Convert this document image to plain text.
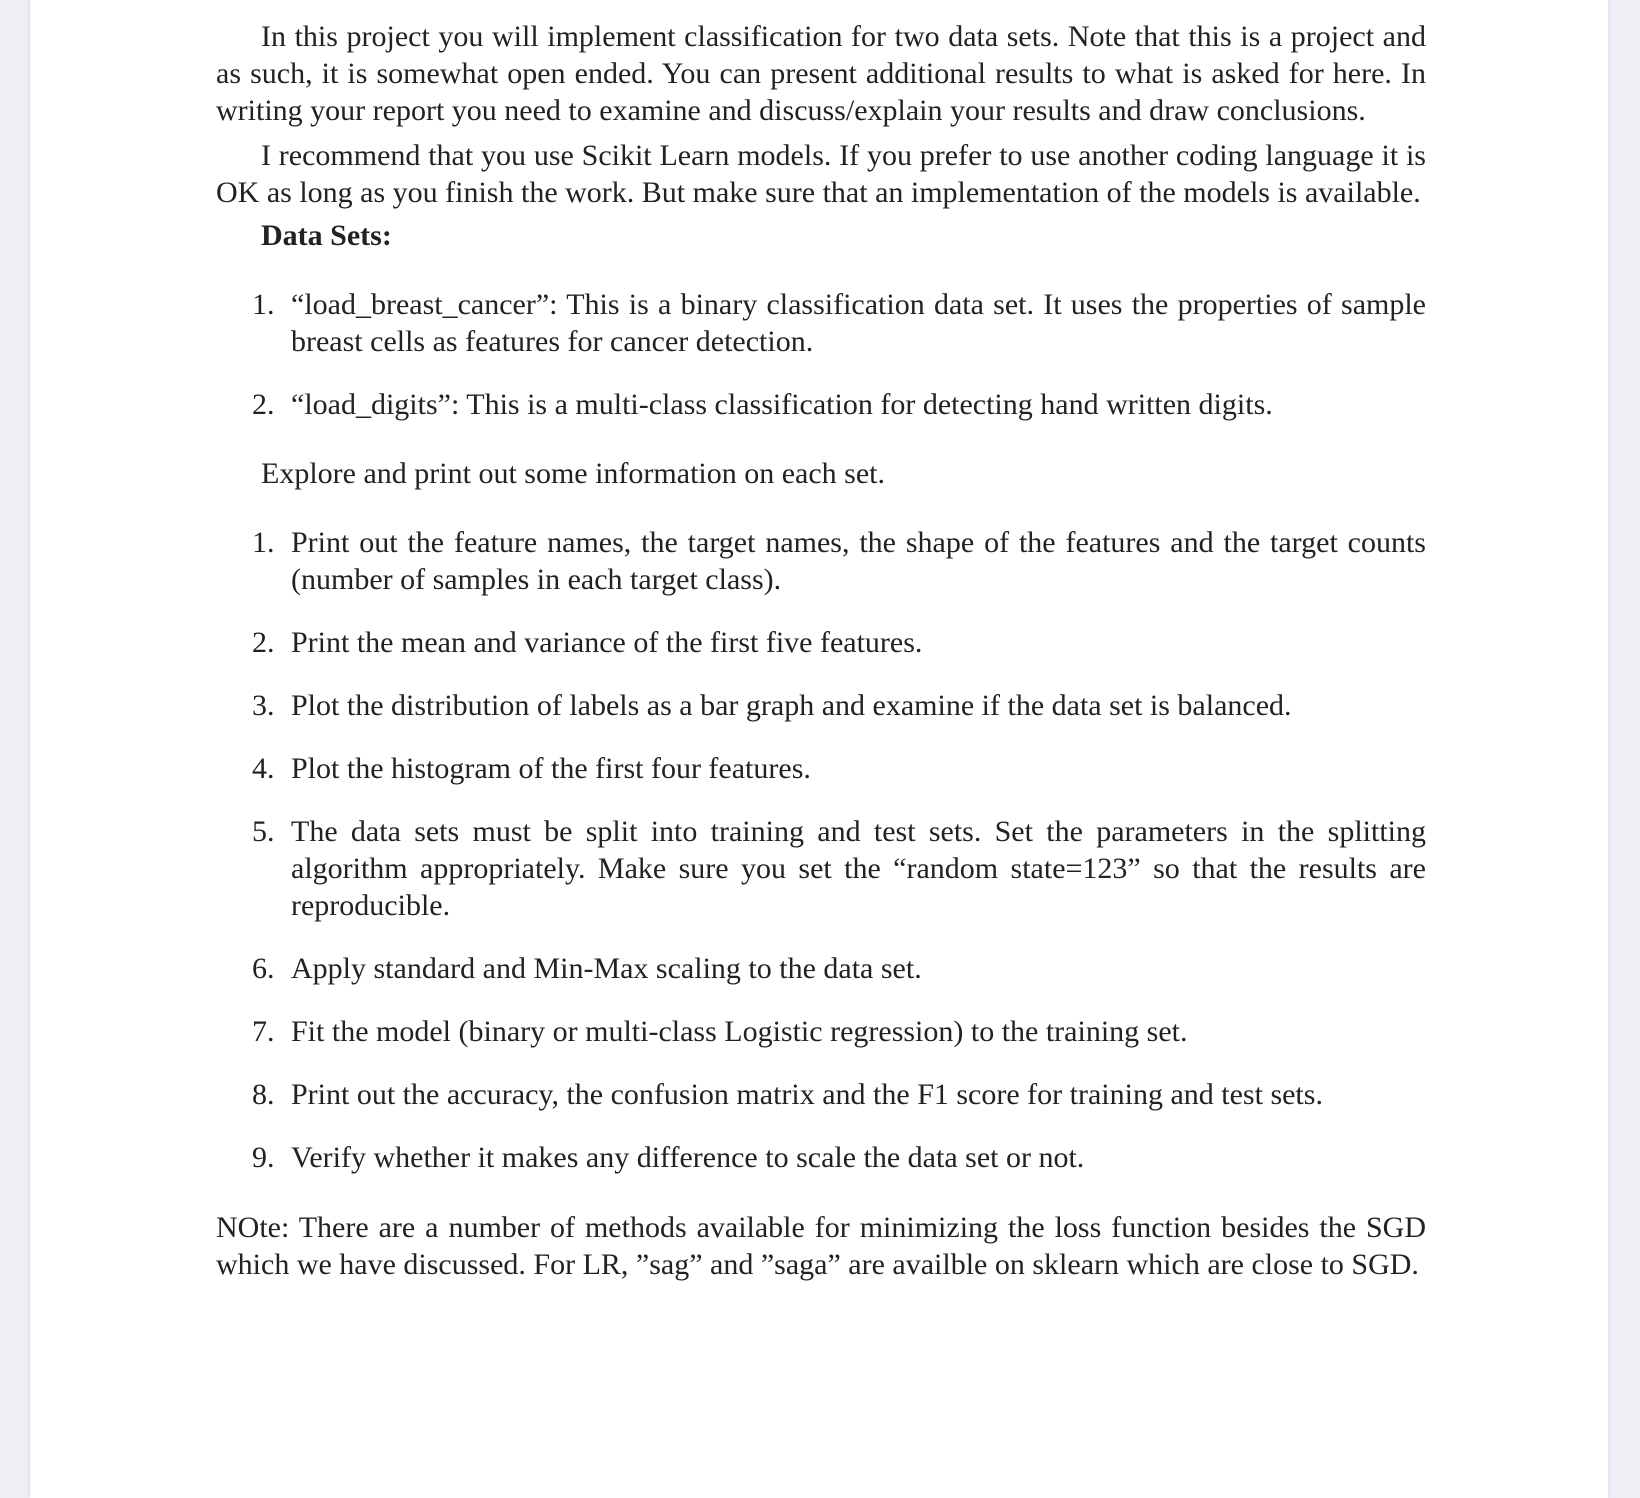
In this project you will implement classification for two data sets. Note that this is a project and as such, it is somewhat open ended. You can present additional results to what is asked for here. In writing your report you need to examine and discuss/explain your results and draw conclusions.

I recommend that you use Scikit Learn models. If you prefer to use another coding language it is OK as long as you finish the work. But make sure that an implementation of the models is available.

Data Sets:
1. “load_breast_cancer”: This is a binary classification data set. It uses the properties of sample breast cells as features for cancer detection.
2. “load_digits”: This is a multi-class classification for detecting hand written digits.

Explore and print out some information on each set.

1. Print out the feature names, the target names, the shape of the features and the target counts (number of samples in each target class).
2. Print the mean and variance of the first five features.
3. Plot the distribution of labels as a bar graph and examine if the data set is balanced.
4. Plot the histogram of the first four features.
5. The data sets must be split into training and test sets. Set the parameters in the splitting algorithm appropriately. Make sure you set the “random state=123” so that the results are reproducible.
6. Apply standard and Min-Max scaling to the data set.
7. Fit the model (binary or multi-class Logistic regression) to the training set.
8. Print out the accuracy, the confusion matrix and the F1 score for training and test sets.
9. Verify whether it makes any difference to scale the data set or not.

NOte: There are a number of methods available for minimizing the loss function besides the SGD which we have discussed. For LR, ”sag” and ”saga” are availble on sklearn which are close to SGD.
